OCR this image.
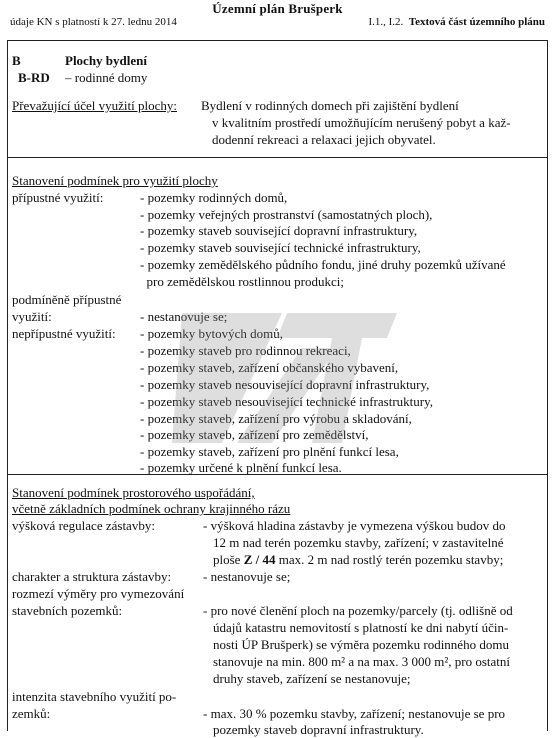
Územní plán Brušperk
údaje KN s platností k 27. lednu 2014	I.1., I.2. Textová část územního plánu
B	Plochy bydlení
B-RD – rodinné domy
Převažující účel využití plochy: Bydlení v rodinných domech při zajištění bydlení
v kvalitním prostředí umožňujícím nerušený pobyt a kaž-
dodenní rekreaci a relaxaci jejich obyvatel.
Stanovení podmínek pro využití plochy
přípustné využití:	- pozemky rodinných domů,
- pozemky veřejných prostranství (samostatných ploch),
- pozemky staveb související dopravní infrastruktury,
- pozemky staveb související technické infrastruktury,
- pozemky zemědělského půdního fondu, jiné druhy pozemků užívané
pro zemědělskou rostlinnou produkci;
podmíněně přípustné
využití:	- nestanovuje se;
nepřípustné využití: - pozemky bytových domů,
- pozemky staveb pro rodinnou rekreaci,
- pozemky staveb, zařízení občanského vybavení,
- pozemky staveb nesouvisející dopravní infrastruktury,
- pozemky staveb nesouvisející technické infrastruktury,
- pozemky staveb, zařízení pro výrobu a skladování,
- pozemky staveb, zařízení pro zemědělství,
- pozemky staveb, zařízení pro plnění funkcí lesa,
- pozemky určené k plnění funkcí lesa.
Stanovení podmínek prostorového uspořádání,
včetně základních podmínek ochrany krajinného rázu
výšková regulace zástavby:	- výšková hladina zástavby je vymezena výškou budov do
12 m nad terén pozemku stavby, zařízení; v zastavitelné
ploše Z / 44 max. 2 m nad rostlý terén pozemku stavby;
charakter a struktura zástavby: - nestanovuje se;
rozmezí výměry pro vymezování
stavebních pozemků:	- pro nové členění ploch na pozemky/parcely (tj. odlišně od
údajů katastru nemovitostí s platností ke dni nabytí účin-
nosti ÚP Brušperk) se výměra pozemku rodinného domu
stanovuje na min. 800 m² a na max. 3 000 m², pro ostatní
druhy staveb, zařízení se nestanovuje;
intenzita stavebního využití po-
zemků:	- max. 30 % pozemku stavby, zařízení; nestanovuje se pro
pozemky staveb dopravní infrastruktury.
